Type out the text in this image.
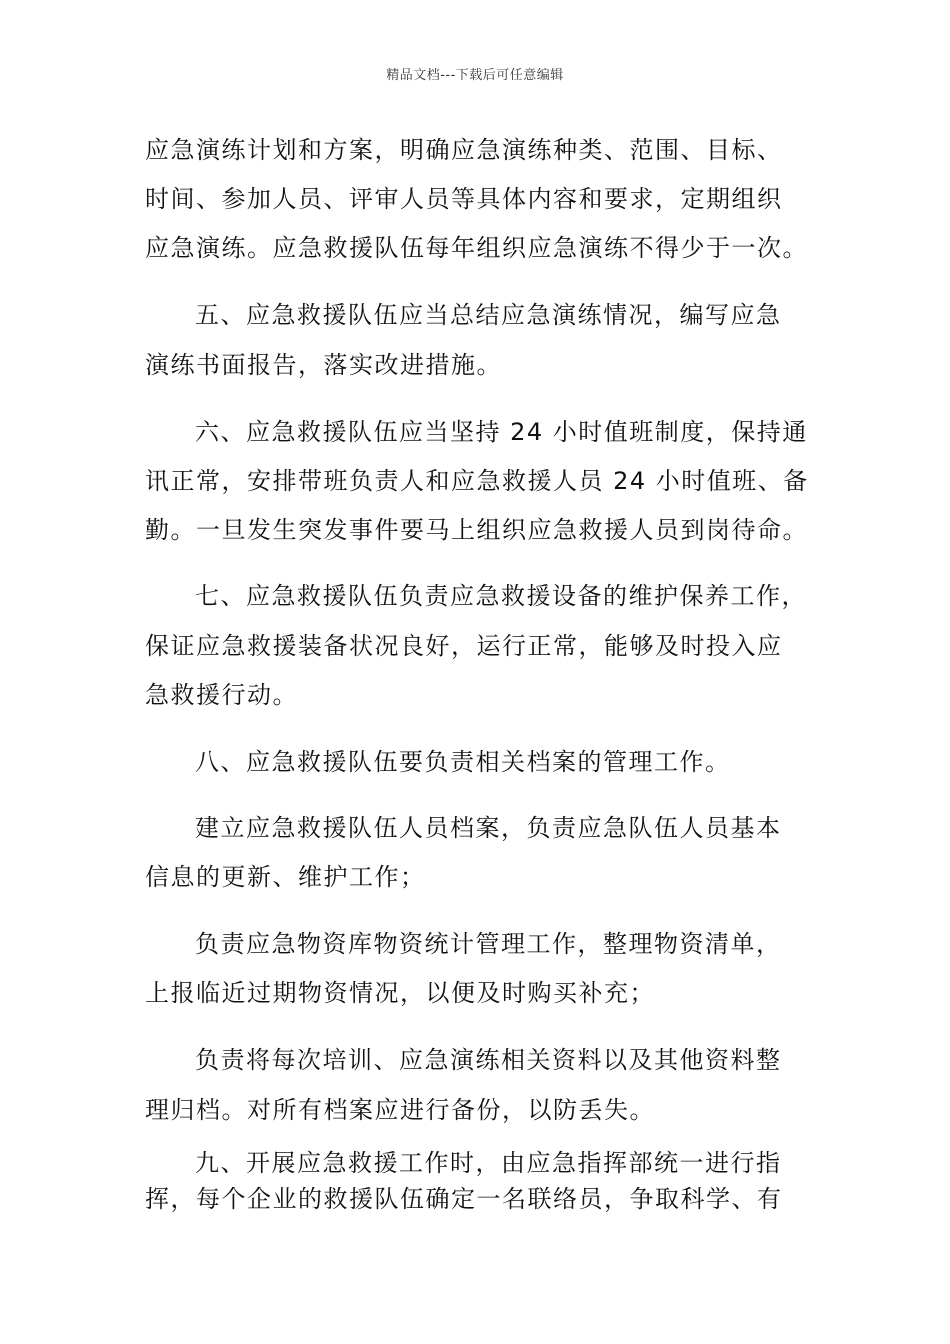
精品文档---下载后可任意编辑
应急演练计划和方案，明确应急演练种类、范围、目标、
时间、参加人员、评审人员等具体内容和要求，定期组织
应急演练。应急救援队伍每年组织应急演练不得少于一次。
五、应急救援队伍应当总结应急演练情况，编写应急
演练书面报告，落实改进措施。
六、应急救援队伍应当坚持 24 小时值班制度，保持通
讯正常，安排带班负责人和应急救援人员 24 小时值班、备
勤。一旦发生突发事件要马上组织应急救援人员到岗待命。
七、应急救援队伍负责应急救援设备的维护保养工作，
保证应急救援装备状况良好，运行正常，能够及时投入应
急救援行动。
八、应急救援队伍要负责相关档案的管理工作。
建立应急救援队伍人员档案，负责应急队伍人员基本
信息的更新、维护工作；
负责应急物资库物资统计管理工作，整理物资清单，
上报临近过期物资情况，以便及时购买补充；
负责将每次培训、应急演练相关资料以及其他资料整
理归档。对所有档案应进行备份，以防丢失。
九、开展应急救援工作时，由应急指挥部统一进行指
挥，每个企业的救援队伍确定一名联络员，争取科学、有
